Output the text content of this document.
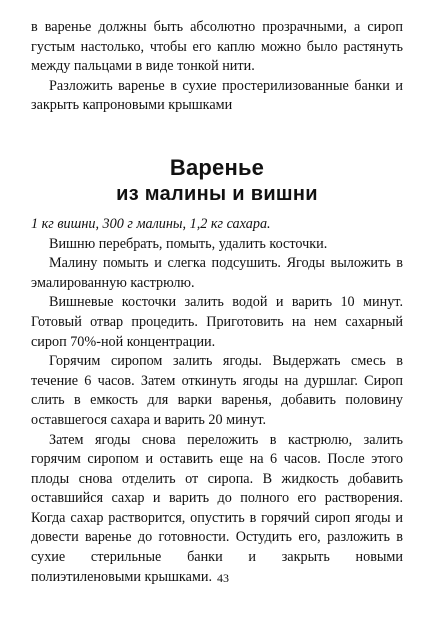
в варенье должны быть абсолютно прозрачными, а сироп густым настолько, чтобы его каплю можно было растянуть между пальцами в виде тонкой нити.

Разложить варенье в сухие простерилизованные банки и закрыть капроновыми крышками

Варенье
из малины и вишни

1 кг вишни, 300 г малины, 1,2 кг сахара.

Вишню перебрать, помыть, удалить косточки.

Малину помыть и слегка подсушить. Ягоды выложить в эмалированную кастрюлю.

Вишневые косточки залить водой и варить 10 минут. Готовый отвар процедить. Приготовить на нем сахарный сироп 70%-ной концентрации.

Горячим сиропом залить ягоды. Выдержать смесь в течение 6 часов. Затем откинуть ягоды на дуршлаг. Сироп слить в емкость для варки варенья, добавить половину оставшегося сахара и варить 20 минут.

Затем ягоды снова переложить в кастрюлю, залить горячим сиропом и оставить еще на 6 часов. После этого плоды снова отделить от сиропа. В жидкость добавить оставшийся сахар и варить до полного его растворения. Когда сахар растворится, опустить в горячий сироп ягоды и довести варенье до готовности. Остудить его, разложить в сухие стерильные банки и закрыть новыми полиэтиленовыми крышками. 43
